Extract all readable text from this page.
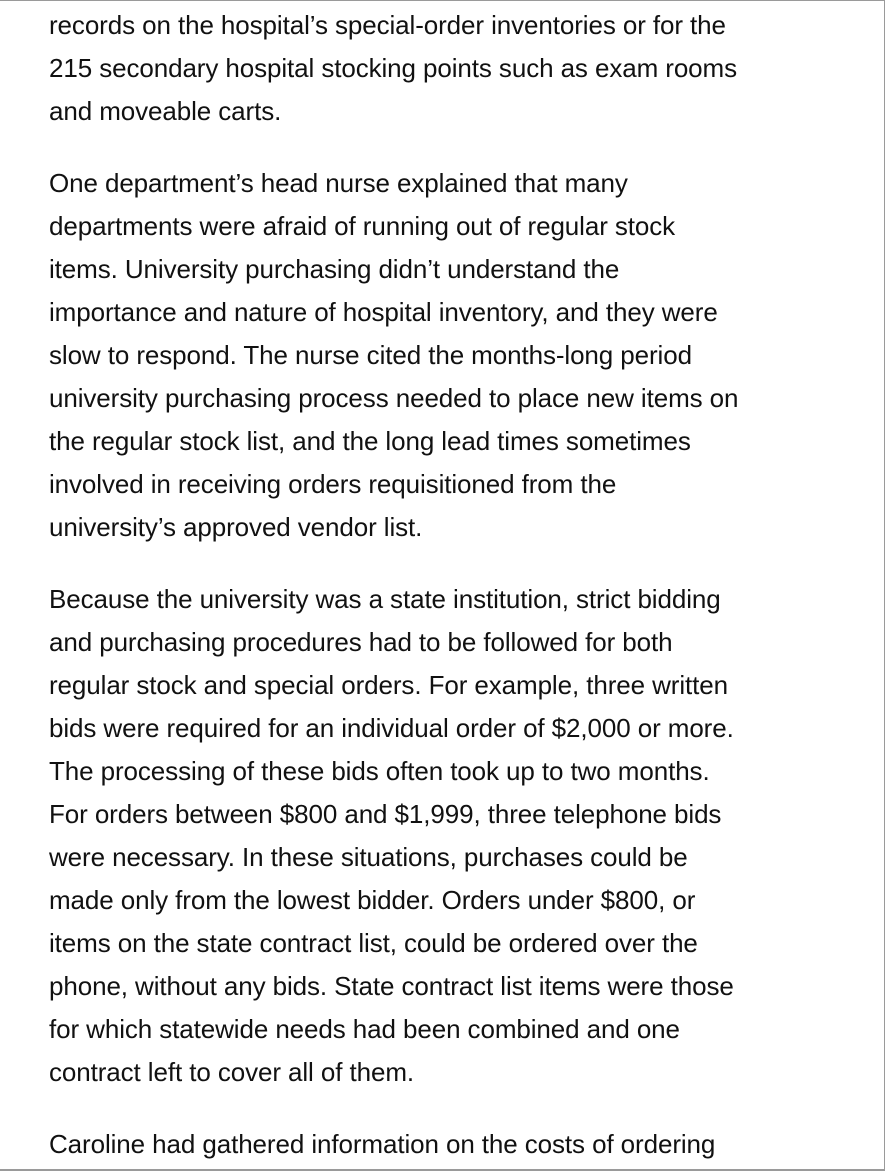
records on the hospital’s special-order inventories or for the
215 secondary hospital stocking points such as exam rooms
and moveable carts.

One department’s head nurse explained that many
departments were afraid of running out of regular stock
items. University purchasing didn’t understand the
importance and nature of hospital inventory, and they were
slow to respond. The nurse cited the months-long period
university purchasing process needed to place new items on
the regular stock list, and the long lead times sometimes
involved in receiving orders requisitioned from the
university’s approved vendor list.

Because the university was a state institution, strict bidding
and purchasing procedures had to be followed for both
regular stock and special orders. For example, three written
bids were required for an individual order of $2,000 or more.
The processing of these bids often took up to two months.
For orders between $800 and $1,999, three telephone bids
were necessary. In these situations, purchases could be
made only from the lowest bidder. Orders under $800, or
items on the state contract list, could be ordered over the
phone, without any bids. State contract list items were those
for which statewide needs had been combined and one
contract left to cover all of them.

Caroline had gathered information on the costs of ordering
